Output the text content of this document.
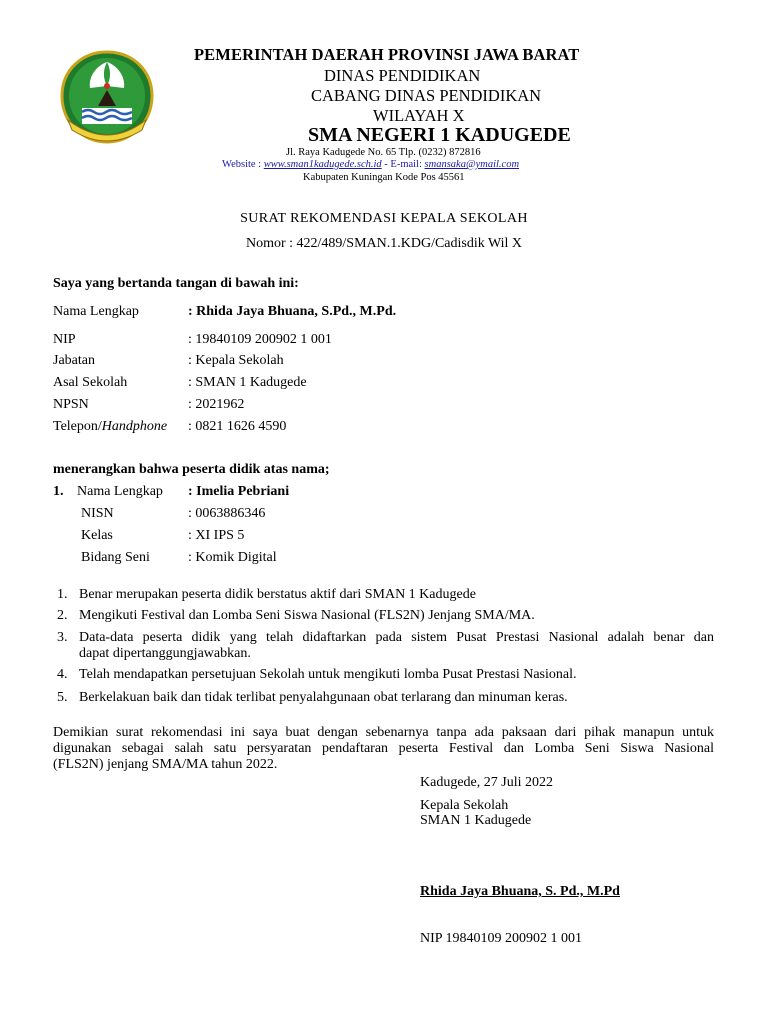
PEMERINTAH DAERAH PROVINSI JAWA BARAT
DINAS PENDIDIKAN
CABANG DINAS PENDIDIKAN
WILAYAH X
SMA NEGERI 1 KADUGEDE
Jl. Raya Kadugede No. 65 Tlp. (0232) 872816
Website : www.sman1kadugede.sch.id - E-mail: smansaka@ymail.com
Kabupaten Kuningan Kode Pos 45561
SURAT REKOMENDASI KEPALA SEKOLAH
Nomor : 422/489/SMAN.1.KDG/Cadisdik Wil X
Saya yang bertanda tangan di bawah ini:
Nama Lengkap	: Rhida Jaya Bhuana, S.Pd., M.Pd.
NIP	: 19840109 200902 1 001
Jabatan	: Kepala Sekolah
Asal Sekolah	: SMAN 1 Kadugede
NPSN	: 2021962
Telepon/Handphone : 0821 1626 4590
menerangkan bahwa peserta didik atas nama;
1. Nama Lengkap : Imelia Pebriani
NISN	: 0063886346
Kelas	: XI IPS 5
Bidang Seni	: Komik Digital
1. Benar merupakan peserta didik berstatus aktif dari SMAN 1 Kadugede
2. Mengikuti Festival dan Lomba Seni Siswa Nasional (FLS2N) Jenjang SMA/MA.
3. Data-data peserta didik yang telah didaftarkan pada sistem Pusat Prestasi Nasional adalah benar dan
dapat dipertanggungjawabkan.
4. Telah mendapatkan persetujuan Sekolah untuk mengikuti lomba Pusat Prestasi Nasional.
5. Berkelakuan baik dan tidak terlibat penyalahgunaan obat terlarang dan minuman keras.
Demikian surat rekomendasi ini saya buat dengan sebenarnya tanpa ada paksaan dari pihak manapun untuk
digunakan sebagai salah satu persyaratan pendaftaran peserta Festival dan Lomba Seni Siswa Nasional
(FLS2N) jenjang SMA/MA tahun 2022.
Kadugede, 27 Juli 2022
Kepala Sekolah
SMAN 1 Kadugede
Rhida Jaya Bhuana, S. Pd., M.Pd
NIP 19840109 200902 1 001
